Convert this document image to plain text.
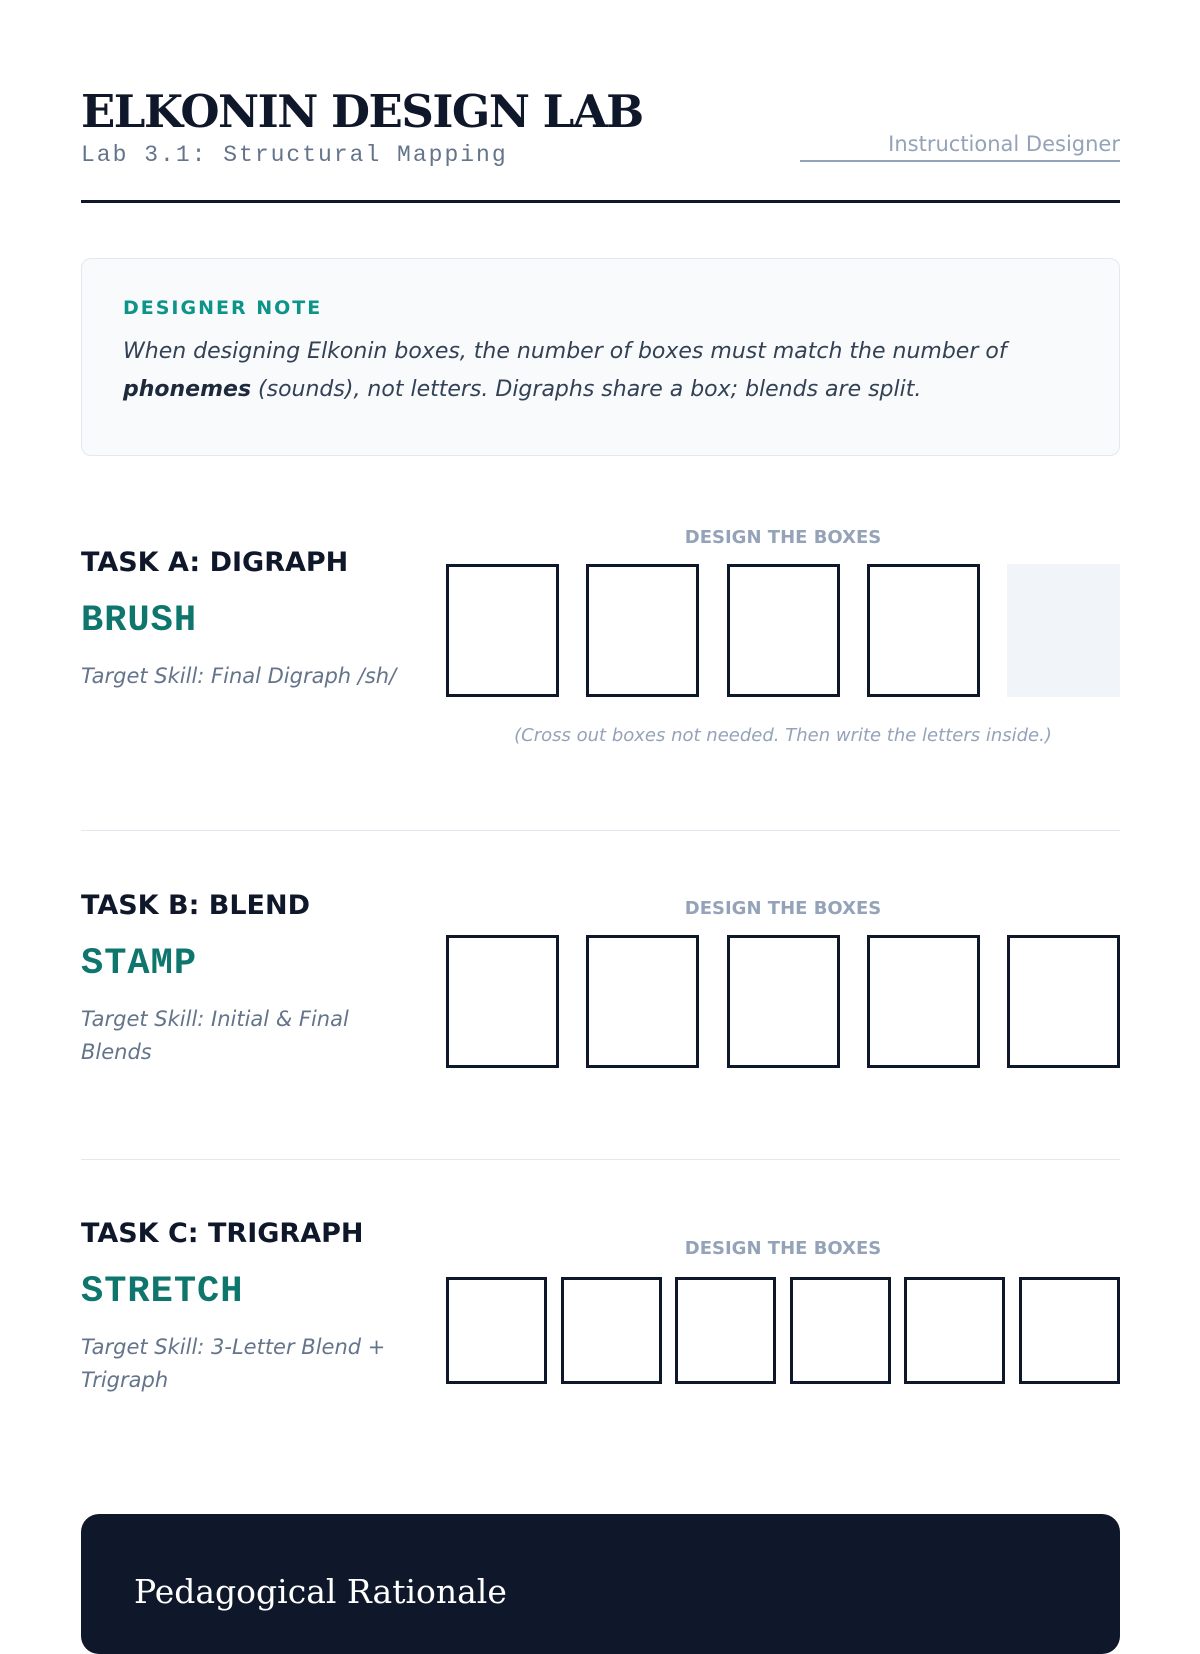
ELKONIN DESIGN LAB
Lab 3.1: Structural Mapping
Instructional Designer
DESIGNER NOTE

When designing Elkonin boxes, the number of boxes must match the number of phonemes (sounds), not letters. Digraphs share a box; blends are split.

TASK A: DIGRAPH
BRUSH
Target Skill: Final Digraph /sh/
DESIGN THE BOXES
(Cross out boxes not needed. Then write the letters inside.)
TASK B: BLEND
STAMP
Target Skill: Initial & Final Blends
DESIGN THE BOXES
TASK C: TRIGRAPH
STRETCH
Target Skill: 3-Letter Blend + Trigraph
DESIGN THE BOXES
Pedagogical Rationale
